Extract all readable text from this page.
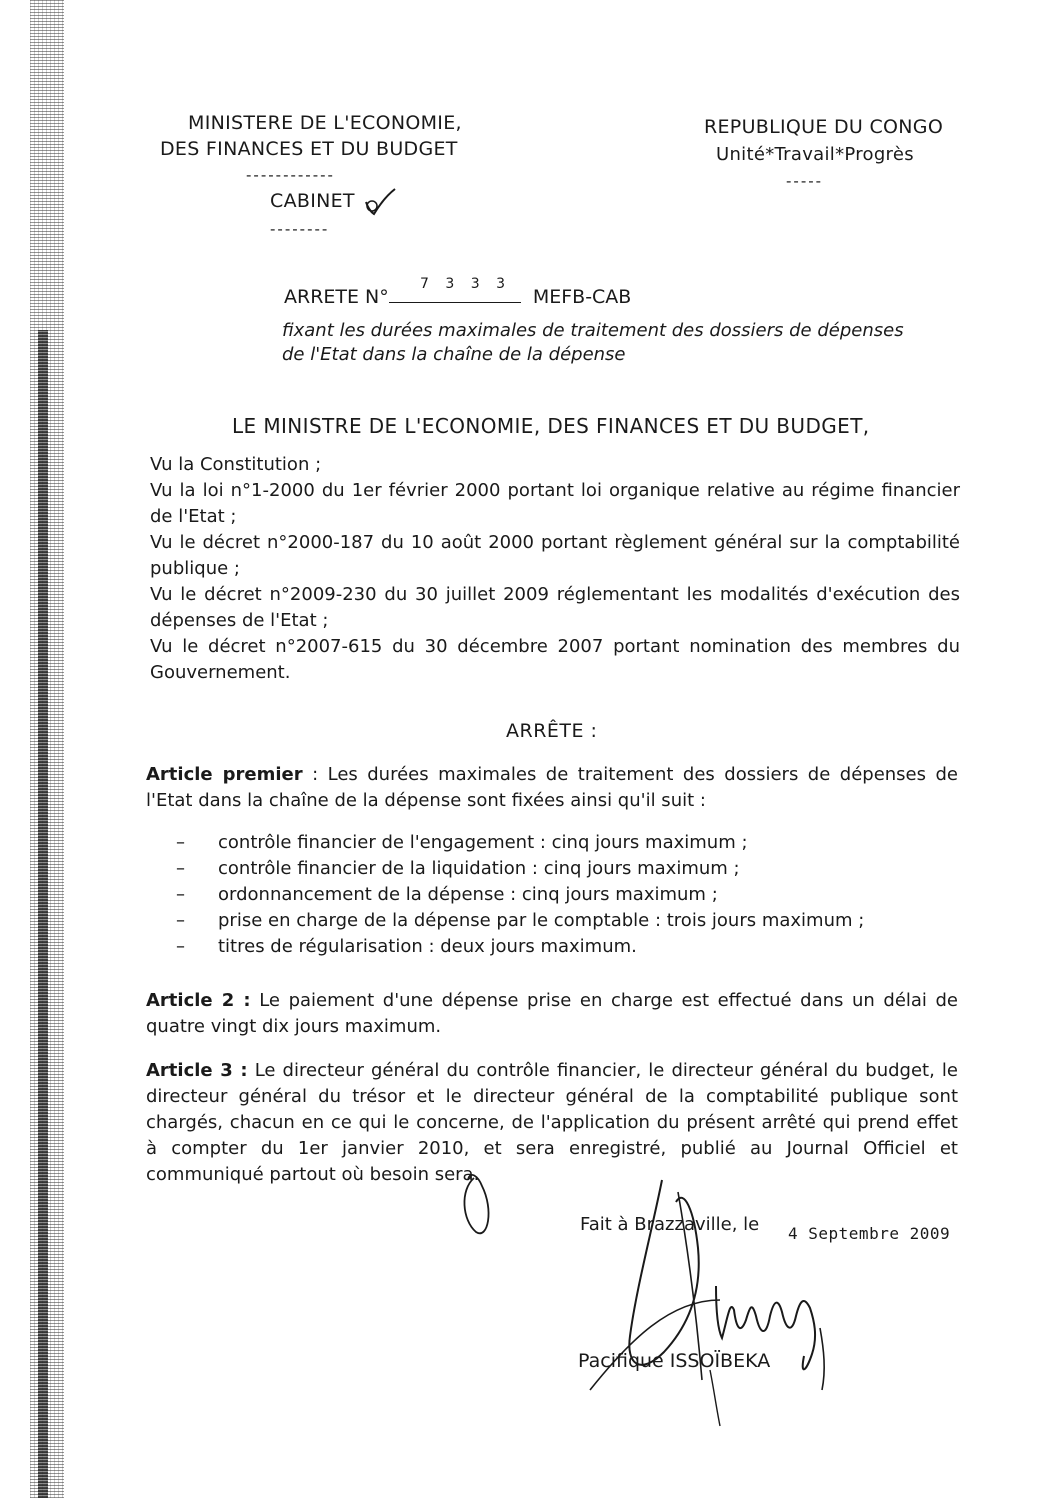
MINISTERE DE L'ECONOMIE,
DES FINANCES ET DU BUDGET
------------
CABINET
--------
REPUBLIQUE DU CONGO
Unité*Travail*Progrès
-----
ARRETE N°	MEFB-CAB
7 3 3 3
fixant les durées maximales de traitement des dossiers de dépenses
de l'Etat dans la chaîne de la dépense
LE MINISTRE DE L'ECONOMIE, DES FINANCES ET DU BUDGET,
Vu la Constitution ;
Vu la loi n°1-2000 du 1er février 2000 portant loi organique relative au régime financier de l'Etat ;
Vu le décret n°2000-187 du 10 août 2000 portant règlement général sur la comptabilité publique ;
Vu le décret n°2009-230 du 30 juillet 2009 réglementant les modalités d'exécution des dépenses de l'Etat ;
Vu le décret n°2007-615 du 30 décembre 2007 portant nomination des membres du Gouvernement.
ARRÊTE :
Article premier : Les durées maximales de traitement des dossiers de dépenses de l'Etat dans la chaîne de la dépense sont fixées ainsi qu'il suit :
– contrôle financier de l'engagement : cinq jours maximum ;
– contrôle financier de la liquidation : cinq jours maximum ;
– ordonnancement de la dépense : cinq jours maximum ;
– prise en charge de la dépense par le comptable : trois jours maximum ;
– titres de régularisation : deux jours maximum.
Article 2 : Le paiement d'une dépense prise en charge est effectué dans un délai de quatre vingt dix jours maximum.
Article 3 : Le directeur général du contrôle financier, le directeur général du budget, le directeur général du trésor et le directeur général de la comptabilité publique sont chargés, chacun en ce qui le concerne, de l'application du présent arrêté qui prend effet à compter du 1er janvier 2010, et sera enregistré, publié au Journal Officiel et communiqué partout où besoin sera.
Fait à Brazzaville, le 4 Septembre 2009
Pacifique ISSOÏBEKA
